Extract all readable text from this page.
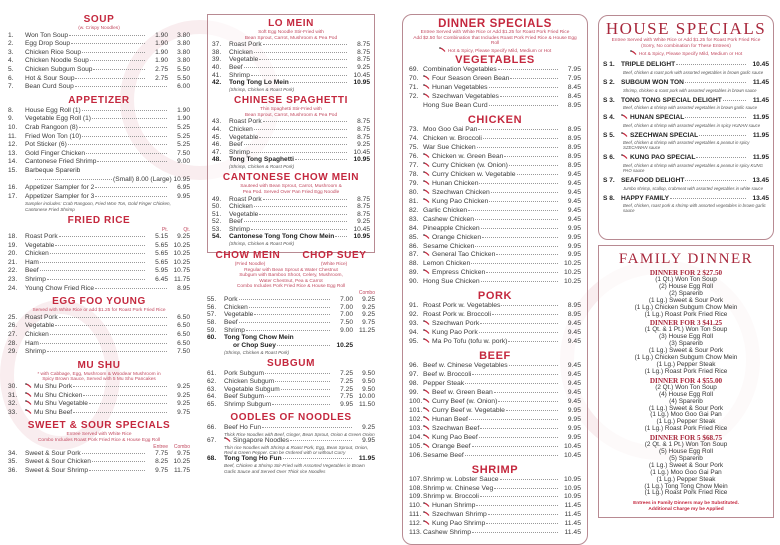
SOUP
(w. Crispy Noodles)
1.	Won Ton Soup	1.90	3.80
2.	Egg Drop Soup	1.90	3.80
3.	Chicken Rice Soup	1.90	3.80
4.	Chicken Noodle Soup	1.90	3.80
5.	Chicken Subgum Soup	2.75	5.50
6.	Hot & Sour Soup	2.75	5.50
7.	Bean Curd Soup	6.00
APPETIZER
8.	House Egg Roll (1)	1.90
9.	Vegetable Egg Roll (1)	1.90
10.	Crab Rangoon (8)	5.25
11.	Fried Won Ton (10)	5.25
12.	Pot Sticker (6)	5.25
13.	Gold Finger Chicken	7.50
14.	Cantonese Fried Shrimp	9.00
15.	Barbeque Sparerib
(Small) 8.00 (Large) 10.95
16.	Appetizer Sampler for 2	6.95
17.	Appetizer Sampler for 3	9.95
Sampler includes: Crab Rangoon, Fried Won Ton, Gold Finger Chicken, Cantonese Fried Shrimp
FRIED RICE
Pt.	Qt.
18.	Roast Pork	5.15	9.25
19.	Vegetable	5.65 10.25
20.	Chicken	5.65 10.25
21.	Ham	5.65 10.25
22.	Beef	5.95 10.75
23.	Shrimp	6.45 11.75
24.	Young Chow Fried Rice	8.95
EGG FOO YOUNG
Served with White Rice or add $1.25 for Roast Pork Fried Rice
25.	Roast Pork	6.50
26.	Vegetable	6.50
27.	Chicken	6.50
28.	Ham	6.50
29.	Shrimp	7.50
MU SHU
* with Cabbage, Egg, Mushroom & Woodear Mushroom in
Spicy Brown Sauce, Served with 5 Mu Shu Pancakes
30.	Mu Shu Pork	9.25
31.	Mu Shu Chicken	9.25
32.	Mu Shu Vegetable	9.25
33.	Mu Shu Beef	9.75
SWEET & SOUR SPECIALS
Entree Served with White Rice
Combo Includes Roast Pork Fried Rice & House Egg Roll
Entree	Combo
34.	Sweet & Sour Pork	7.75	9.75
35.	Sweet & Sour Chicken	8.25 10.25
36.	Sweet & Sour Shrimp	9.75 11.75
LO MEIN
Soft Egg Noodle Stir-Fried with
Bean Sprout, Carrot, Mushroom & Pea Pod
37.	Roast Pork	8.75
38.	Chicken	8.75
39.	Vegetable	8.75
40.	Beef	9.25
41.	Shrimp	10.45
42.	Tong Tong Lo Mein	10.95
(Shrimp, Chicken & Roast Pork)
CHINESE SPAGHETTI
Thin Spaghetti Stir-Fried with
Bean Sprout, Carrot, Mushroom & Pea Pod
43.	Roast Pork	8.75
44.	Chicken	8.75
45.	Vegetable	8.75
46.	Beef	9.25
47.	Shrimp	10.45
48.	Tong Tong Spaghetti	10.95
(Shrimp, Chicken & Roast Pork)
CANTONESE CHOW MEIN
Sauteed with Bean Sprout, Carrot, Mushroom &
Pea Pod. Served Over Pan Fried Egg Noodle
49.	Roast Pork	8.75
50.	Chicken	8.75
51.	Vegetable	8.75
52.	Beef	9.25
53.	Shrimp	10.45
54.	Cantonese Tong Tong Chow Mein	10.95
(Shrimp, Chicken & Roast Pork)
CHOW MEIN CHOP SUEY
(Fried Noodle)	(White Rice)
Regular with Bean Sprout & Water Chestnut
Subgum with Bamboo Shoot, Celery, Mushroom,
Water Chestnut, Pea & Carrot
Combo Includes Pork Fried Rice & House Egg Roll
Combo
55.	Pork	7.00	9.25
56.	Chicken	7.00	9.25
57.	Vegetable	7.00	9.25
58.	Beef	7.50	9.75
59.	Shrimp	9.00 11.25
60.	Tong Tong Chow Mein
or Chop Suey	10.25
(Shrimp, Chicken & Roast Pork)
SUBGUM
61.	Pork Subgum	7.25	9.50
62.	Chicken Subgum	7.25	9.50
63.	Vegetable Subgum	7.25	9.50
64.	Beef Subgum	7.75 10.00
65.	Shrimp Subgum	9.95 11.50
OODLES OF NOODLES
66.	Beef Ho Fun	9.25
Thick Rice Noodles with Beef, Ginger, Bean Sprout, Onion & Green Onion
67.	Singapore Noodles	9.95
Thin rice Noodles with Shrimp & Roast Pork, Egg, Bean Sprout, Onion, Red & Green Pepper. Can be Ordered with or without Curry
68.	Tong Tong Ho Fun	11.95
Beef, Chicken & Shrimp Stir-Fried with Assorted Vegetables in Brown Garlic Sauce and Served Over Thick rice Noodles
DINNER SPECIALS
Entree Served with White Rice or Add $1.25 for Roast Pork Fried Rice
Add $2.50 for Combination that Includes Roast Pork Fried Rice & House Egg Roll
Hot & Spicy, Please Specify Mild, Medium or Hot
VEGETABLES
69. Combination Vegetables	7.95
70.	Four Season Green Bean	7.95
71.	Hunan Vegetables	8.45
72.	Szechwan Vegetables	8.45
Hong Sue Bean Curd	8.95
CHICKEN
73. Moo Goo Gai Pan	8.95
74. Chicken w. Broccoli	8.95
75. War Sue Chicken	8.95
76.	Chicken w. Green Bean	8.95
77.	Curry Chicken (w. Onion)	8.95
78.	Curry Chicken w. Vegetable	9.45
79.	Hunan Chicken	9.45
80.	Szechwan Chicken	9.45
81.	Kung Pao Chicken	9.45
82. Garlic Chicken	9.45
83. Cashew Chicken	9.45
84. Pineapple Chicken	9.95
85.	Orange Chicken	9.95
86. Sesame Chicken	9.95
87.	General Tao Chicken	9.95
88. Lemon Chicken	10.25
89.	Empress Chicken	10.25
90. Hong Sue Chicken	10.25
PORK
91. Roast Pork w. Vegetables	8.95
92. Roast Pork w. Broccoli	8.95
93.	Szechwan Pork	9.45
94.	Kung Pao Pork	9.45
95.	Ma Po Tofu (tofu w. pork)	9.45
BEEF
96. Beef w. Chinese Vegetables	9.45
97. Beef w. Broccoli	9.45
98. Pepper Steak	9.45
99.	Beef w. Green Bean	9.45
100. Curry Beef (w. Onion)	9.45
101. Curry Beef w. Vegetable	9.95
102. Hunan Beef	9.95
103. Szechwan Beef	9.95
104. Kung Pao Beef	9.95
105. Orange Beef	10.45
106. Sesame Beef	10.45
SHRIMP
107. Shrimp w. Lobster Sauce	10.95
108. Shrimp w. Chinese Veg	10.95
109. Shrimp w. Broccoli	10.95
110. Hunan Shrimp	11.45
111. Szechwan Shrimp	11.45
112. Kung Pao Shrimp	11.45
113. Cashew Shrimp	11.45
HOUSE SPECIALS
Entree Served with White Rice or Add $1.25 for Roast Pork Fried Rice
(Sorry, No combination for These Entrees)
Hot & Spicy, Please Specify Mild, Medium or Hot
S 1. TRIPLE DELIGHT	10.45
Beef, chicken & roast pork with assorted vegetables in brown garlic sauce
S 2. SUBGUM WON TON	11.45
Shrimp, chicken & roast pork with assorted vegetables in brown sauce
S 3. TONG TONG SPECIAL DELIGHT	11.45
Beef, chicken & shrimp with assorted vegetables in brown garlic sauce
S 4.	HUNAN SPECIAL	11.95
Beef, chicken & shrimp with assorted vegetables in spicy HUNAN sauce
S 5.	SZECHWAN SPECIAL	11.95
Beef, chicken & shrimp with assorted vegetables & peanut in spicy SZECHWAN sauce
S 6.	KUNG PAO SPECIAL	11.95
Beef, chicken & shrimp with assorted vegetables & peanut in spicy KUNG PAO sauce
S 7. SEAFOOD DELIGHT	13.45
Jumbo shrimp, scallop, crabmeat with assorted vegetables in white sauce
S 8. HAPPY FAMILY	13.45
Beef, chicken, roast pork & shrimp with assorted vegetables in brown garlic sauce
FAMILY DINNER
DINNER FOR 2 $27.50
(1 Qt.) Won Ton Soup
(2) House Egg Roll
(2) Sparerib
(1 Lg.) Sweet & Sour Pork
(1 Lg.) Chicken Subgum Chow Mein
(1 Lg.) Roast Pork Fried Rice
DINNER FOR 3 $41.25
(1 Qt. & 1 Pt.) Won Ton Soup
(3) House Egg Roll
(3) Sparerib
(1 Lg.) Sweet & Sour Pork
(1 Lg.) Chicken Subgum Chow Mein
(1 Lg.) Pepper Steak
(1 Lg.) Roast Pork Fried Rice
DINNER FOR 4 $55.00
(2 Qt.) Won Ton Soup
(4) House Egg Roll
(4) Sparerib
(1 Lg.) Sweet & Sour Pork
(1 Lg.) Moo Goo Gai Pan
(1 Lg.) Pepper Steak
(1 Lg.) Roast Pork Fried Rice
DINNER FOR 5 $68.75
(2 Qt. & 1 Pt.) Won Ton Soup
(5) House Egg Roll
(5) Sparerib
(1 Lg.) Sweet & Sour Pork
(1 Lg.) Moo Goo Gai Pan
(1 Lg.) Pepper Steak
(1 Lg.) Tong Tong Chow Mein
(1 Lg.) Roast Pork Fried Rice
Entrees in Family Dinners may be Substituted.
Additional Charge my be Applied
